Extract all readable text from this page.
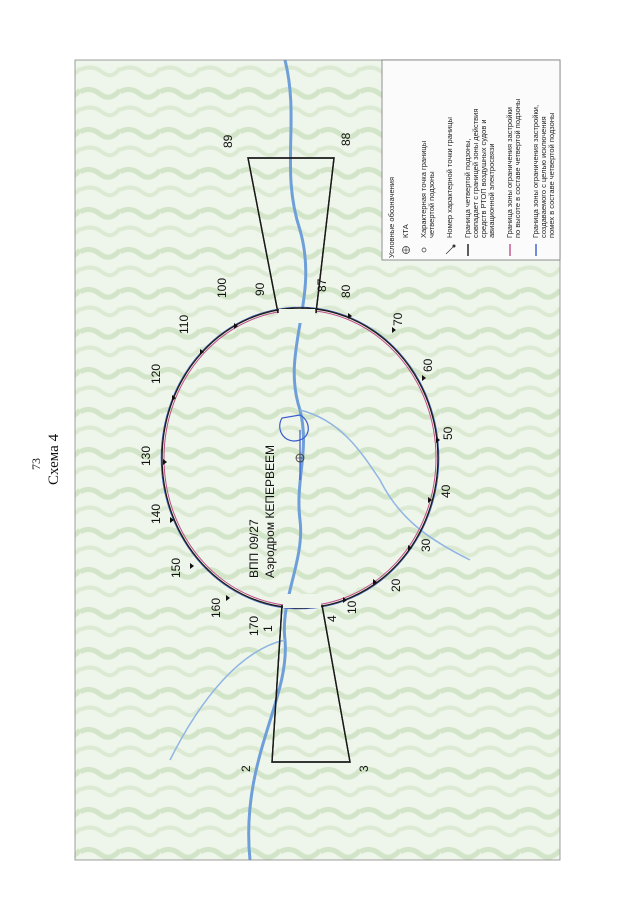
1
2	3
4
10
20
30
40
50
60
70
80
87
88
89
90
100
110
120
130
140
150
160
170
Условные обозначения КТА Характерная точка границы четвертой подзоны Номер характерной точки границы Граница четвертой подзоны, совпадает с границей зоны действия средств РТОП воздушных судов и авиационной электросвязи Граница зоны ограничения застройки по высоте в составе четвертой подзоны Граница зоны ограничения застройки, создаваемого с целью исключения помех в составе четвертой подзоны
ВПП 09/27 Аэродром КЕПЕРВЕЕМ
73 Схема 4
